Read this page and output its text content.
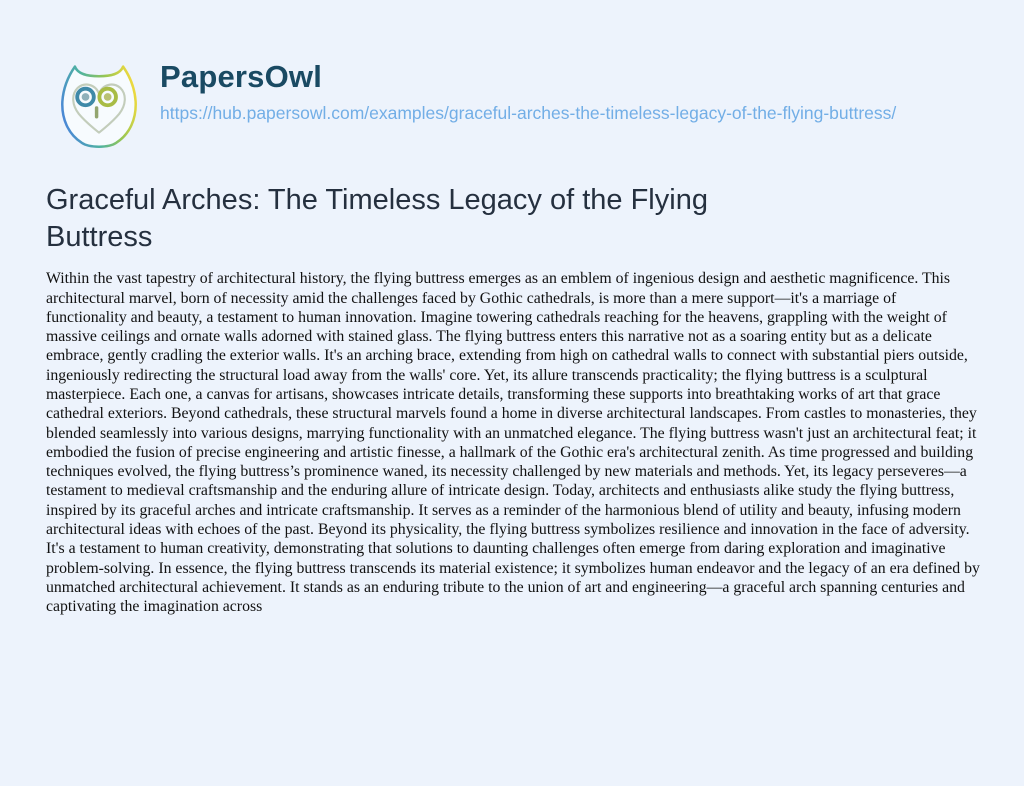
PapersOwl
https://hub.papersowl.com/examples/graceful-arches-the-timeless-legacy-of-the-flying-buttress/
Graceful Arches: The Timeless Legacy of the Flying Buttress

Within the vast tapestry of architectural history, the flying buttress emerges as an emblem of ingenious design and aesthetic magnificence. This architectural marvel, born of necessity amid the challenges faced by Gothic cathedrals, is more than a mere support—it's a marriage of functionality and beauty, a testament to human innovation. Imagine towering cathedrals reaching for the heavens, grappling with the weight of massive ceilings and ornate walls adorned with stained glass. The flying buttress enters this narrative not as a soaring entity but as a delicate embrace, gently cradling the exterior walls. It's an arching brace, extending from high on cathedral walls to connect with substantial piers outside, ingeniously redirecting the structural load away from the walls' core. Yet, its allure transcends practicality; the flying buttress is a sculptural masterpiece. Each one, a canvas for artisans, showcases intricate details, transforming these supports into breathtaking works of art that grace cathedral exteriors. Beyond cathedrals, these structural marvels found a home in diverse architectural landscapes. From castles to monasteries, they blended seamlessly into various designs, marrying functionality with an unmatched elegance. The flying buttress wasn't just an architectural feat; it embodied the fusion of precise engineering and artistic finesse, a hallmark of the Gothic era's architectural zenith. As time progressed and building techniques evolved, the flying buttress’s prominence waned, its necessity challenged by new materials and methods. Yet, its legacy perseveres—a testament to medieval craftsmanship and the enduring allure of intricate design. Today, architects and enthusiasts alike study the flying buttress, inspired by its graceful arches and intricate craftsmanship. It serves as a reminder of the harmonious blend of utility and beauty, infusing modern architectural ideas with echoes of the past. Beyond its physicality, the flying buttress symbolizes resilience and innovation in the face of adversity. It's a testament to human creativity, demonstrating that solutions to daunting challenges often emerge from daring exploration and imaginative problem-solving. In essence, the flying buttress transcends its material existence; it symbolizes human endeavor and the legacy of an era defined by unmatched architectural achievement. It stands as an enduring tribute to the union of art and engineering—a graceful arch spanning centuries and captivating the imagination across
